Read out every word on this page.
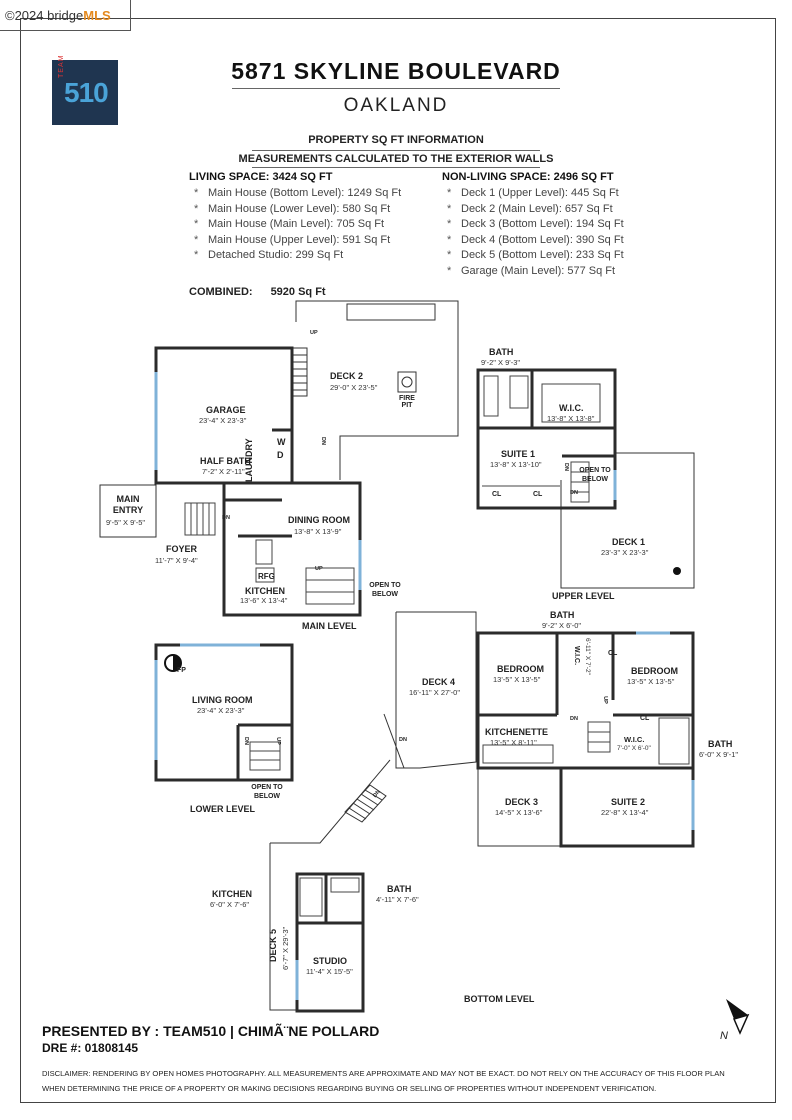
©2024 bridgeMLS
TEAM
510
5871 SKYLINE BOULEVARD
OAKLAND
PROPERTY SQ FT INFORMATION
MEASUREMENTS CALCULATED TO THE EXTERIOR WALLS
LIVING SPACE: 3424 SQ FT
* Main House (Bottom Level): 1249 Sq Ft
* Main House (Lower Level): 580 Sq Ft
* Main House (Main Level): 705 Sq Ft
* Main House (Upper Level): 591 Sq Ft
* Detached Studio: 299 Sq Ft
NON-LIVING SPACE: 2496 SQ FT
* Deck 1 (Upper Level): 445 Sq Ft
* Deck 2 (Main Level): 657 Sq Ft
* Deck 3 (Bottom Level): 194 Sq Ft
* Deck 4 (Bottom Level): 390 Sq Ft
* Deck 5 (Bottom Level): 233 Sq Ft
* Garage (Main Level): 577 Sq Ft
COMBINED: 5920 Sq Ft
DECK 2
29'-0" X 23'-5"
FIRE PIT
GARAGE
23'-4" X 23'-3"
HALF BATH
7'-2" X 2'-11" LAUNDRY	W
D
MAIN ENTRY
9'-5" X 9'-5"	DINING ROOM
13'-8" X 13'-9"
FOYER
11'-7" X 9'-4"
RFG
KITCHEN
13'-6" X 13'-4"
OPEN TO BELOW
MAIN LEVEL
BATH
9'-2" X 9'-3"
W.I.C.
13'-8" X 13'-8"
SUITE 1
13'-8" X 13'-10"
CL	CL
OPEN TO BELOW
DECK 1
23'-3" X 23'-3"
UPPER LEVEL
LIVING ROOM
23'-4" X 23'-3"
FP
OPEN TO BELOW
LOWER LEVEL
DECK 4
16'-11" X 27'-0"
BATH
9'-2" X 6'-0"
BEDROOM
13'-5" X 13'-5"
W.I.C. 6'-11" X 7'-2" CL
BEDROOM
13'-5" X 13'-5"
CL
KITCHENETTE
13'-5" X 8'-11"	W.I.C.
7'-0" X 6'-0"	BATH
6'-0" X 9'-1"
DECK 3
14'-5" X 13'-6"
SUITE 2
22'-8" X 13'-4"
KITCHEN
6'-0" X 7'-6"
BATH
4'-11" X 7'-6"
DECK 5 6'-7" X 29'-3"	STUDIO
11'-4" X 15'-5"
BOTTOM LEVEL
UP
DN
DN
UP
DN	UP
DN
DN
DN
UP
DN
DN
N
PRESENTED BY : TEAM510 | CHIMÃ¨NE POLLARD
DRE #: 01808145
DISCLAIMER: RENDERING BY OPEN HOMES PHOTOGRAPHY. ALL MEASUREMENTS ARE APPROXIMATE AND MAY NOT BE EXACT. DO NOT RELY ON THE ACCURACY OF THIS FLOOR PLAN
WHEN DETERMINING THE PRICE OF A PROPERTY OR MAKING DECISIONS REGARDING BUYING OR SELLING OF PROPERTIES WITHOUT INDEPENDENT VERIFICATION.
